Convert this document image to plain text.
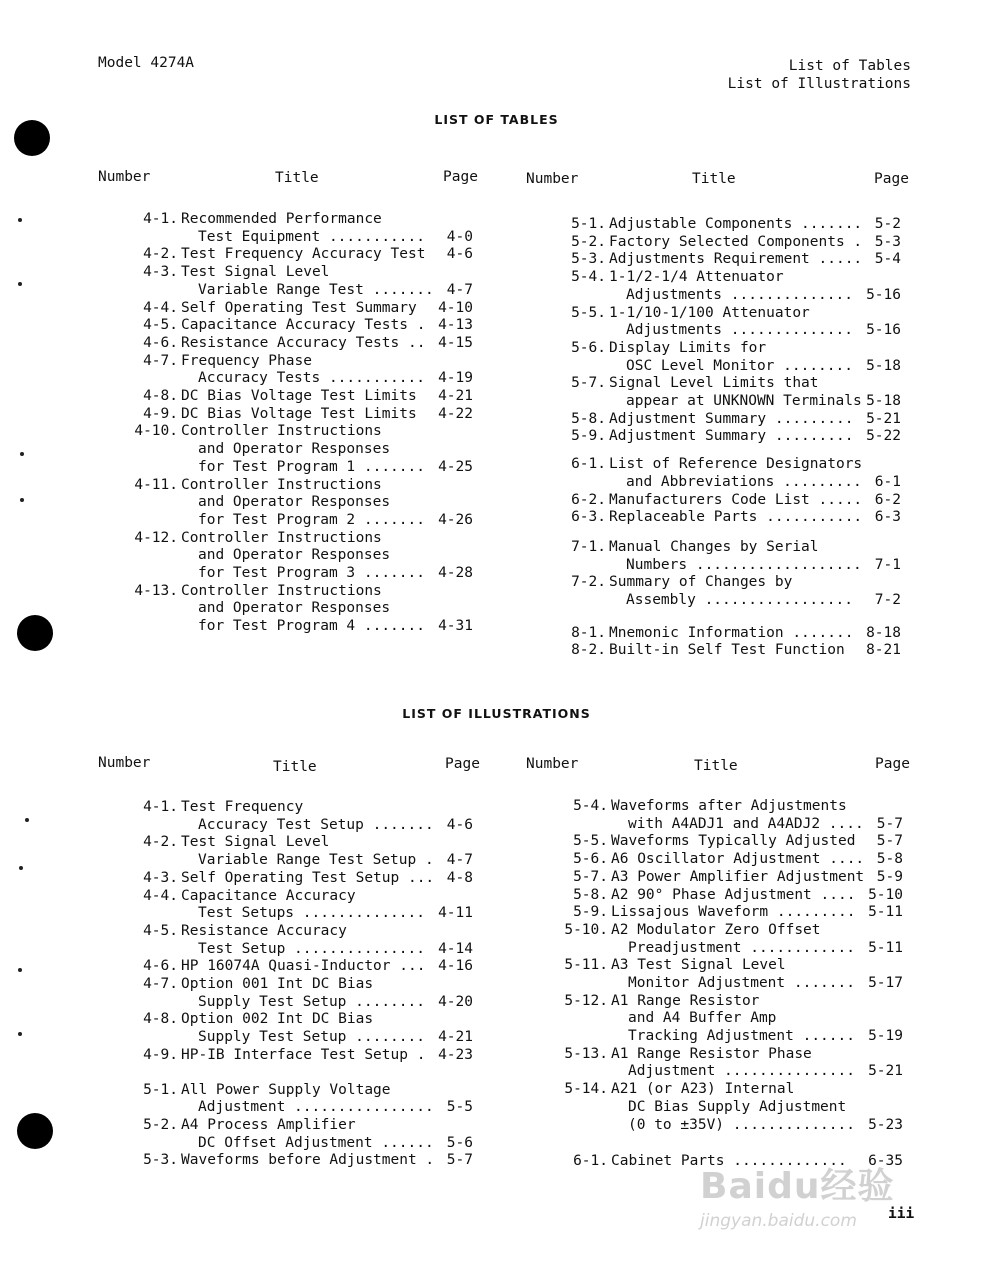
Model 4274A	List of Tables
List of Illustrations
LIST OF TABLES
Number	Title	Page	Number	Title	Page
4-1. Recommended Performance
Test Equipment ........... 4-0
4-2. Test Frequency Accuracy Test 4-6
4-3. Test Signal Level
Variable Range Test ....... 4-7
4-4. Self Operating Test Summary 4-10
4-5. Capacitance Accuracy Tests . 4-13
4-6. Resistance Accuracy Tests .. 4-15
4-7. Frequency Phase
Accuracy Tests ........... 4-19
4-8. DC Bias Voltage Test Limits 4-21
4-9. DC Bias Voltage Test Limits 4-22
4-10. Controller Instructions
and Operator Responses
for Test Program 1 ....... 4-25
4-11. Controller Instructions
and Operator Responses
for Test Program 2 ....... 4-26
4-12. Controller Instructions
and Operator Responses
for Test Program 3 ....... 4-28
4-13. Controller Instructions
and Operator Responses
for Test Program 4 ....... 4-31
5-1. Adjustable Components ....... 5-2
5-2. Factory Selected Components . 5-3
5-3. Adjustments Requirement ..... 5-4
5-4. 1-1/2-1/4 Attenuator
Adjustments .............. 5-16
5-5. 1-1/10-1/100 Attenuator
Adjustments .............. 5-16
5-6. Display Limits for
OSC Level Monitor ........ 5-18
5-7. Signal Level Limits that
appear at UNKNOWN Terminals 5-18
5-8. Adjustment Summary ......... 5-21
5-9. Adjustment Summary ......... 5-22
6-1. List of Reference Designators
and Abbreviations ......... 6-1
6-2. Manufacturers Code List ..... 6-2
6-3. Replaceable Parts ........... 6-3
7-1. Manual Changes by Serial
Numbers ................... 7-1
7-2. Summary of Changes by
Assembly ................. 7-2
8-1. Mnemonic Information ....... 8-18
8-2. Built-in Self Test Function 8-21
LIST OF ILLUSTRATIONS
Number	Title	Page	Number	Title	Page
4-1. Test Frequency
Accuracy Test Setup ....... 4-6
4-2. Test Signal Level
Variable Range Test Setup . 4-7
4-3. Self Operating Test Setup ... 4-8
4-4. Capacitance Accuracy
Test Setups .............. 4-11
4-5. Resistance Accuracy
Test Setup ............... 4-14
4-6. HP 16074A Quasi-Inductor ... 4-16
4-7. Option 001 Int DC Bias
Supply Test Setup ........ 4-20
4-8. Option 002 Int DC Bias
Supply Test Setup ........ 4-21
4-9. HP-IB Interface Test Setup . 4-23
5-1. All Power Supply Voltage
Adjustment ................ 5-5
5-2. A4 Process Amplifier
DC Offset Adjustment ...... 5-6
5-3. Waveforms before Adjustment . 5-7
5-4. Waveforms after Adjustments
with A4ADJ1 and A4ADJ2 .... 5-7
5-5. Waveforms Typically Adjusted 5-7
5-6. A6 Oscillator Adjustment .... 5-8
5-7. A3 Power Amplifier Adjustment 5-9
5-8. A2 90° Phase Adjustment .... 5-10
5-9. Lissajous Waveform ......... 5-11
5-10. A2 Modulator Zero Offset
Preadjustment ............ 5-11
5-11. A3 Test Signal Level
Monitor Adjustment ....... 5-17
5-12. A1 Range Resistor
and A4 Buffer Amp
Tracking Adjustment ...... 5-19
5-13. A1 Range Resistor Phase
Adjustment ............... 5-21
5-14. A21 (or A23) Internal
DC Bias Supply Adjustment
(0 to ±35V) .............. 5-23
6-1. Cabinet Parts ............. 6-35
iii
Baidu经验
jingyan.baidu.com
